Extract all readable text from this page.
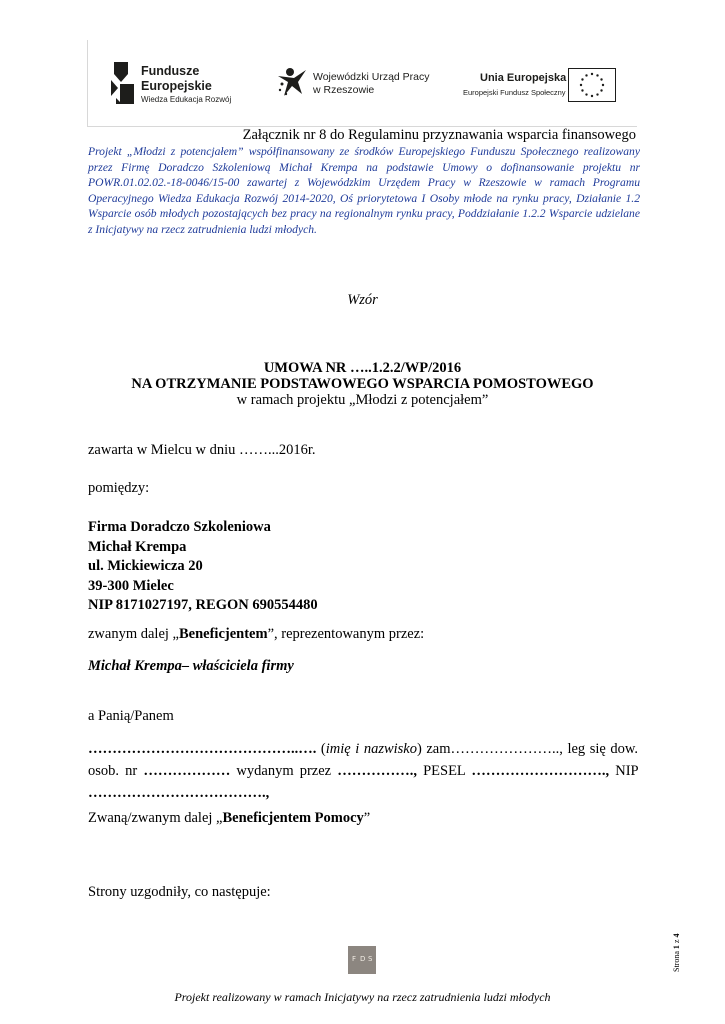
Fundusze
Europejskie
Wiedza Edukacja Rozwój
Wojewódzki Urząd Pracy
w Rzeszowie
Unia Europejska
Europejski Fundusz Społeczny
Załącznik nr 8 do Regulaminu przyznawania wsparcia finansowego
Projekt „Młodzi z potencjałem” współfinansowany ze środków Europejskiego Funduszu Społecznego realizowany przez Firmę Doradczo Szkoleniową Michał Krempa na podstawie Umowy o dofinansowanie projektu nr POWR.01.02.02.-18-0046/15-00 zawartej z Wojewódzkim Urzędem Pracy w Rzeszowie w ramach Programu Operacyjnego Wiedza Edukacja Rozwój 2014-2020, Oś priorytetowa I Osoby młode na rynku pracy, Działanie 1.2 Wsparcie osób młodych pozostających bez pracy na regionalnym rynku pracy, Poddziałanie 1.2.2 Wsparcie udzielane z Inicjatywy na rzecz zatrudnienia ludzi młodych.
Wzór
UMOWA NR …..1.2.2/WP/2016
NA OTRZYMANIE PODSTAWOWEGO WSPARCIA POMOSTOWEGO
w ramach projektu „Młodzi z potencjałem”
zawarta w Mielcu w dniu ……...2016r.
pomiędzy:
Firma Doradczo Szkoleniowa
Michał Krempa
ul. Mickiewicza 20
39-300 Mielec
NIP 8171027197, REGON 690554480
zwanym dalej „Beneficjentem”, reprezentowanym przez:
Michał Krempa– właściciela firmy
a Panią/Panem
……………………………………..…. (imię i nazwisko) zam………………….., leg się dow. osob. nr ……………… wydanym przez ……………., PESEL ………………………., NIP ……………………………….,
Zwaną/zwanym dalej „Beneficjentem Pomocy”
Strony uzgodniły, co następuje:
F D S
Projekt realizowany w ramach Inicjatywy na rzecz zatrudnienia ludzi młodych
Strona 1 z 4
